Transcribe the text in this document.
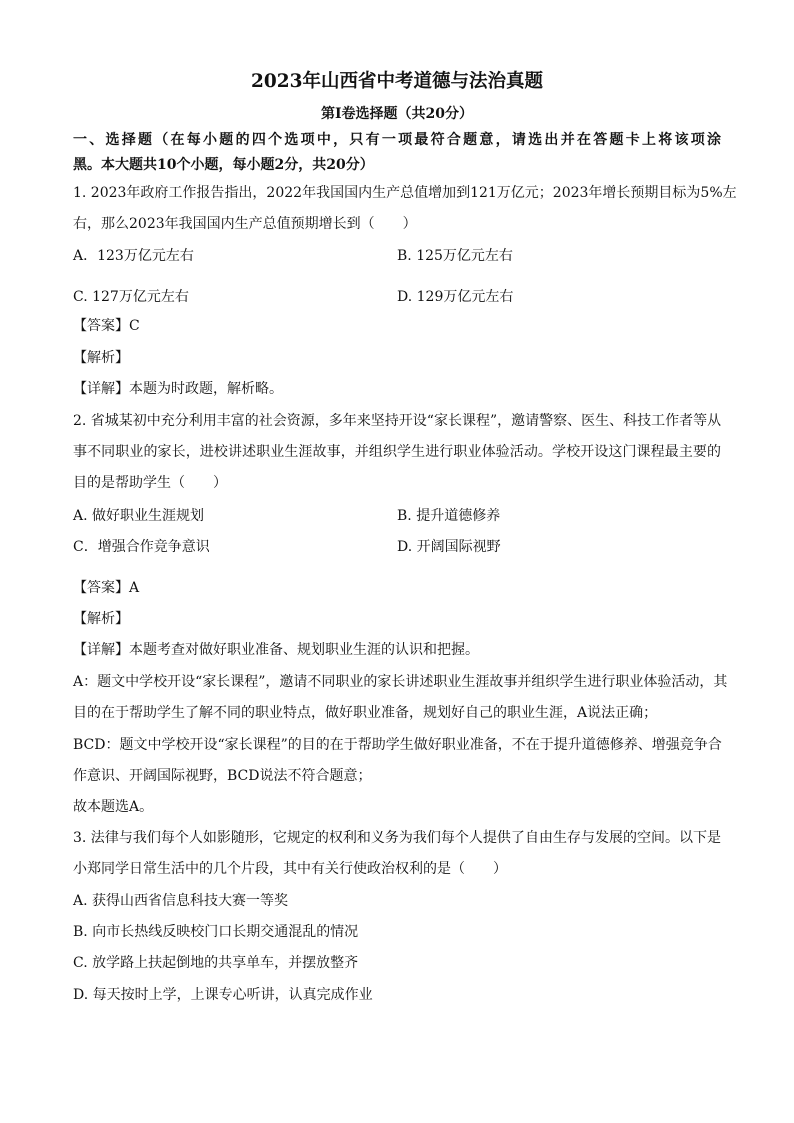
2023年山西省中考道德与法治真题
第Ⅰ卷选择题（共20分）
一、选择题（在每小题的四个选项中，只有一项最符合题意，请选出并在答题卡上将该项涂
黑。本大题共10个小题，每小题2分，共20分）
1. 2023年政府工作报告指出，2022年我国国内生产总值增加到121万亿元；2023年增长预期目标为5%左
右，那么2023年我国国内生产总值预期增长到（　　）
A．123万亿元左右	B. 125万亿元左右
C. 127万亿元左右	D. 129万亿元左右
【答案】C
【解析】
【详解】本题为时政题，解析略。
2. 省城某初中充分利用丰富的社会资源，多年来坚持开设“家长课程”，邀请警察、医生、科技工作者等从
事不同职业的家长，进校讲述职业生涯故事，并组织学生进行职业体验活动。学校开设这门课程最主要的
目的是帮助学生（　　）
A. 做好职业生涯规划	B. 提升道德修养
C．增强合作竞争意识	D. 开阔国际视野
【答案】A
【解析】
【详解】本题考查对做好职业准备、规划职业生涯的认识和把握。
A：题文中学校开设“家长课程”，邀请不同职业的家长讲述职业生涯故事并组织学生进行职业体验活动，其
目的在于帮助学生了解不同的职业特点，做好职业准备，规划好自己的职业生涯，A说法正确；
BCD：题文中学校开设“家长课程”的目的在于帮助学生做好职业准备，不在于提升道德修养、增强竞争合
作意识、开阔国际视野，BCD说法不符合题意；
故本题选A。
3. 法律与我们每个人如影随形，它规定的权利和义务为我们每个人提供了自由生存与发展的空间。以下是
小郑同学日常生活中的几个片段，其中有关行使政治权利的是（　　）
A. 获得山西省信息科技大赛一等奖
B. 向市长热线反映校门口长期交通混乱的情况
C. 放学路上扶起倒地的共享单车，并摆放整齐
D. 每天按时上学，上课专心听讲，认真完成作业
